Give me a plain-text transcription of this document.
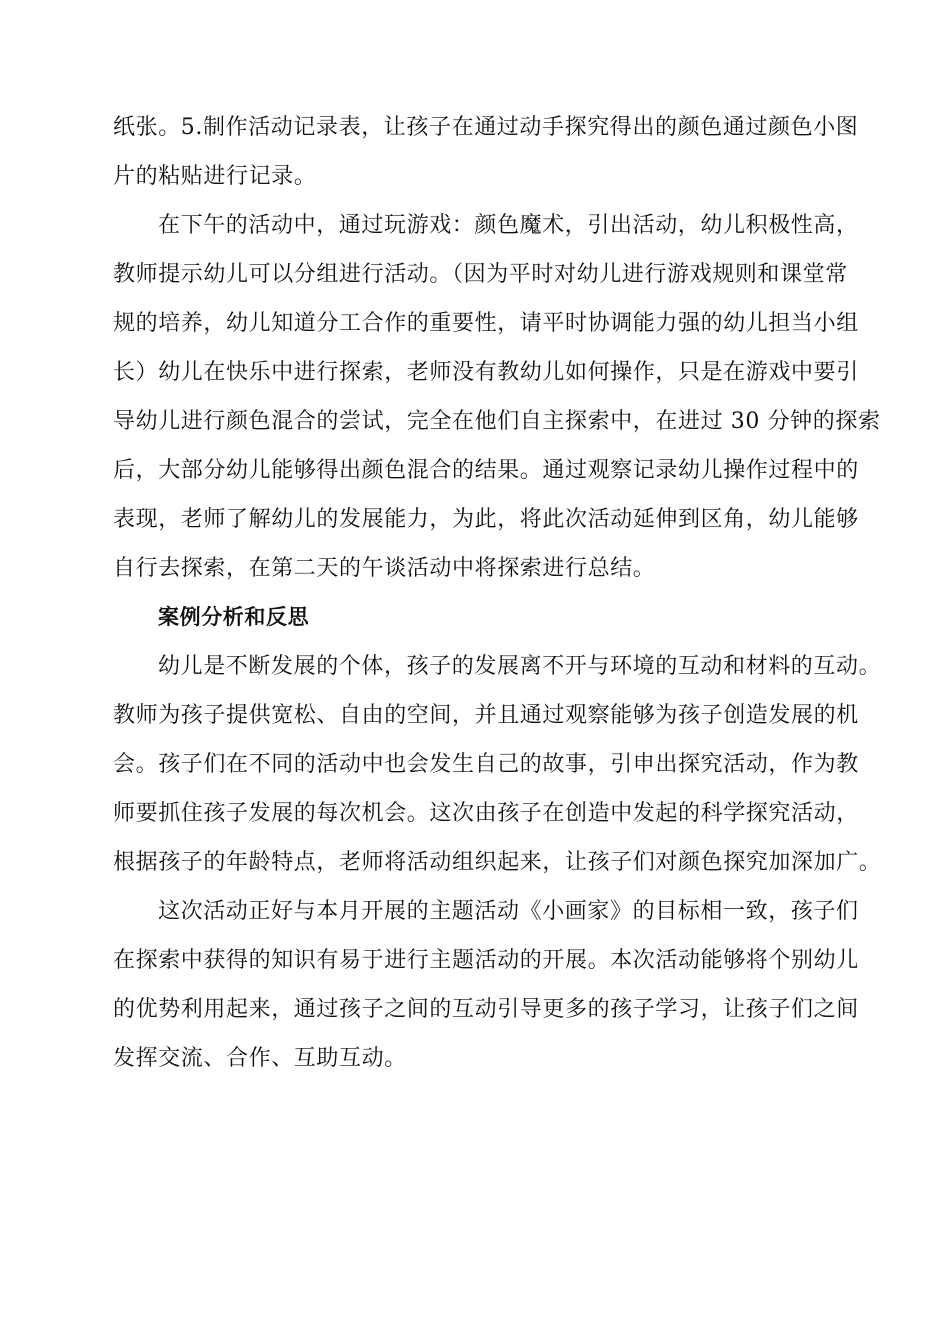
纸张。5.制作活动记录表，让孩子在通过动手探究得出的颜色通过颜色小图
片的粘贴进行记录。
在下午的活动中，通过玩游戏：颜色魔术，引出活动，幼儿积极性高，
教师提示幼儿可以分组进行活动。（因为平时对幼儿进行游戏规则和课堂常
规的培养，幼儿知道分工合作的重要性，请平时协调能力强的幼儿担当小组
长）幼儿在快乐中进行探索，老师没有教幼儿如何操作，只是在游戏中要引
导幼儿进行颜色混合的尝试，完全在他们自主探索中，在进过 30 分钟的探索
后，大部分幼儿能够得出颜色混合的结果。通过观察记录幼儿操作过程中的
表现，老师了解幼儿的发展能力，为此，将此次活动延伸到区角，幼儿能够
自行去探索，在第二天的午谈活动中将探索进行总结。
案例分析和反思
幼儿是不断发展的个体，孩子的发展离不开与环境的互动和材料的互动。
教师为孩子提供宽松、自由的空间，并且通过观察能够为孩子创造发展的机
会。孩子们在不同的活动中也会发生自己的故事，引申出探究活动，作为教
师要抓住孩子发展的每次机会。这次由孩子在创造中发起的科学探究活动，
根据孩子的年龄特点，老师将活动组织起来，让孩子们对颜色探究加深加广。
这次活动正好与本月开展的主题活动《小画家》的目标相一致，孩子们
在探索中获得的知识有易于进行主题活动的开展。本次活动能够将个别幼儿
的优势利用起来，通过孩子之间的互动引导更多的孩子学习，让孩子们之间
发挥交流、合作、互助互动。
